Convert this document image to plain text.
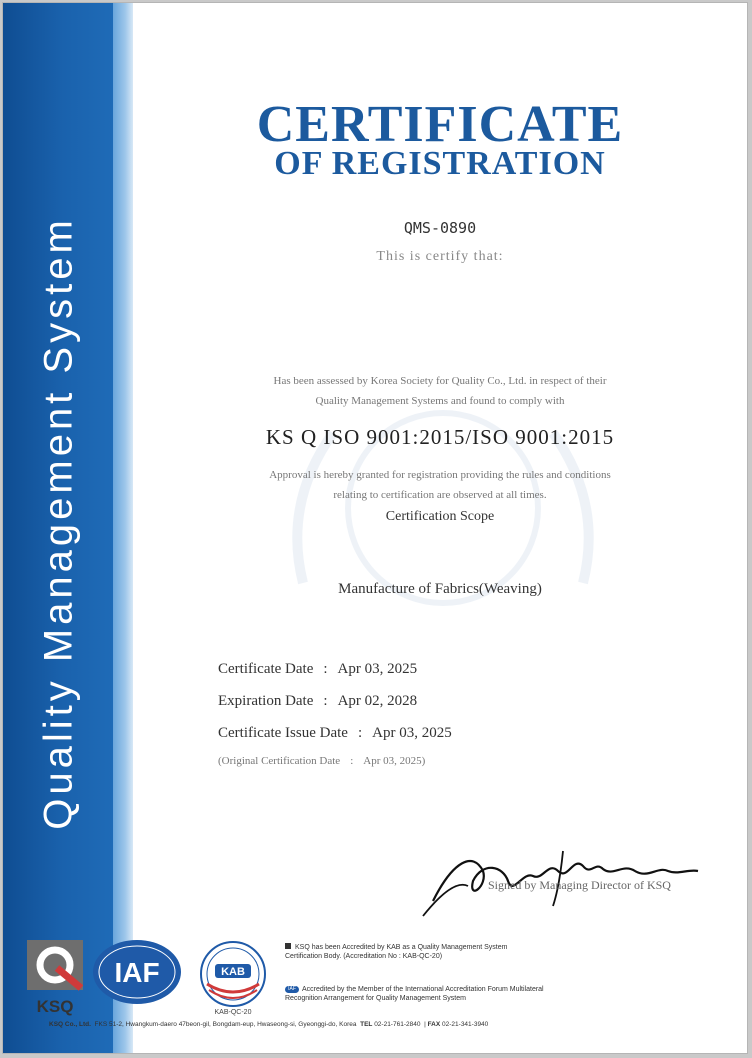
Quality Management System
CERTIFICATE
OF REGISTRATION
QMS-0890
This is certify that:
Has been assessed by Korea Society for Quality Co., Ltd. in respect of their
Quality Management Systems and found to comply with
KS Q ISO 9001:2015/ISO 9001:2015
Approval is hereby granted for registration providing the rules and conditions
relating to certification are observed at all times.
Certification Scope
Manufacture of Fabrics(Weaving)
Certificate Date : Apr 03, 2025
Expiration Date : Apr 02, 2028
Certificate Issue Date : Apr 03, 2025
(Original Certification Date : Apr 03, 2025)
Signed by Managing Director of KSQ
KSQ
IAF	KAB
KAB-QC-20
KSQ has been Accredited by KAB as a Quality Management System
Certification Body. (Accreditation No : KAB-QC-20)
IAF Accredited by the Member of the International Accreditation Forum Multilateral
Recognition Arrangement for Quality Management System
KSQ Co., Ltd. FKS 51-2, Hwangkum-daero 47beon-gil, Bongdam-eup, Hwaseong-si, Gyeonggi-do, Korea TEL 02-21-761-2840  | FAX 02-21-341-3940
